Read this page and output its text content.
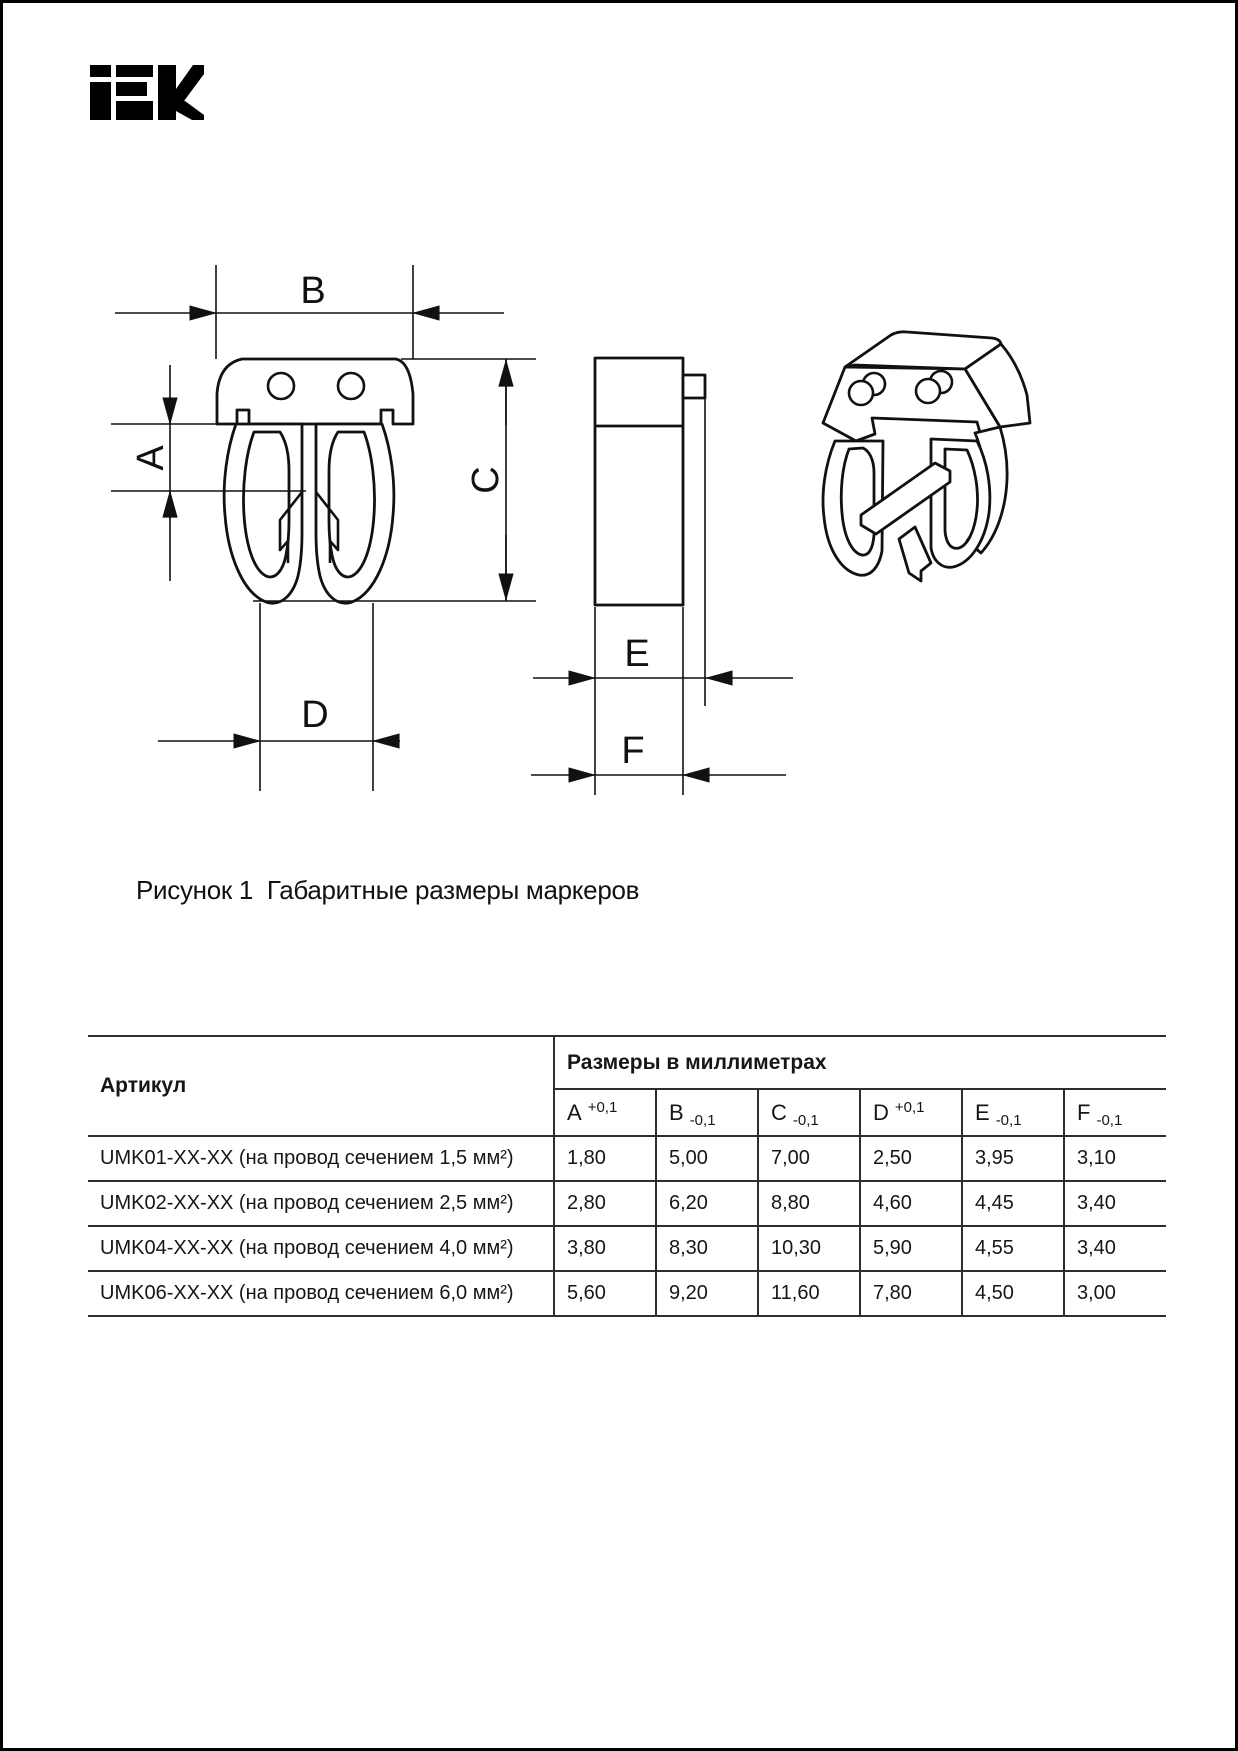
B
A
C
D
E
F
Рисунок 1  Габаритные размеры маркеров
Артикул	Размеры в миллиметрах					
	A +0,1	B -0,1	C -0,1	D +0,1	E -0,1	F -0,1
UMK01-XX-XX (на провод сечением 1,5 мм²)	1,80	5,00	7,00	2,50	3,95	3,10
UMK02-XX-XX (на провод сечением 2,5 мм²)	2,80	6,20	8,80	4,60	4,45	3,40
UMK04-XX-XX (на провод сечением 4,0 мм²)	3,80	8,30	10,30	5,90	4,55	3,40
UMK06-XX-XX (на провод сечением 6,0 мм²)	5,60	9,20	11,60	7,80	4,50	3,00
